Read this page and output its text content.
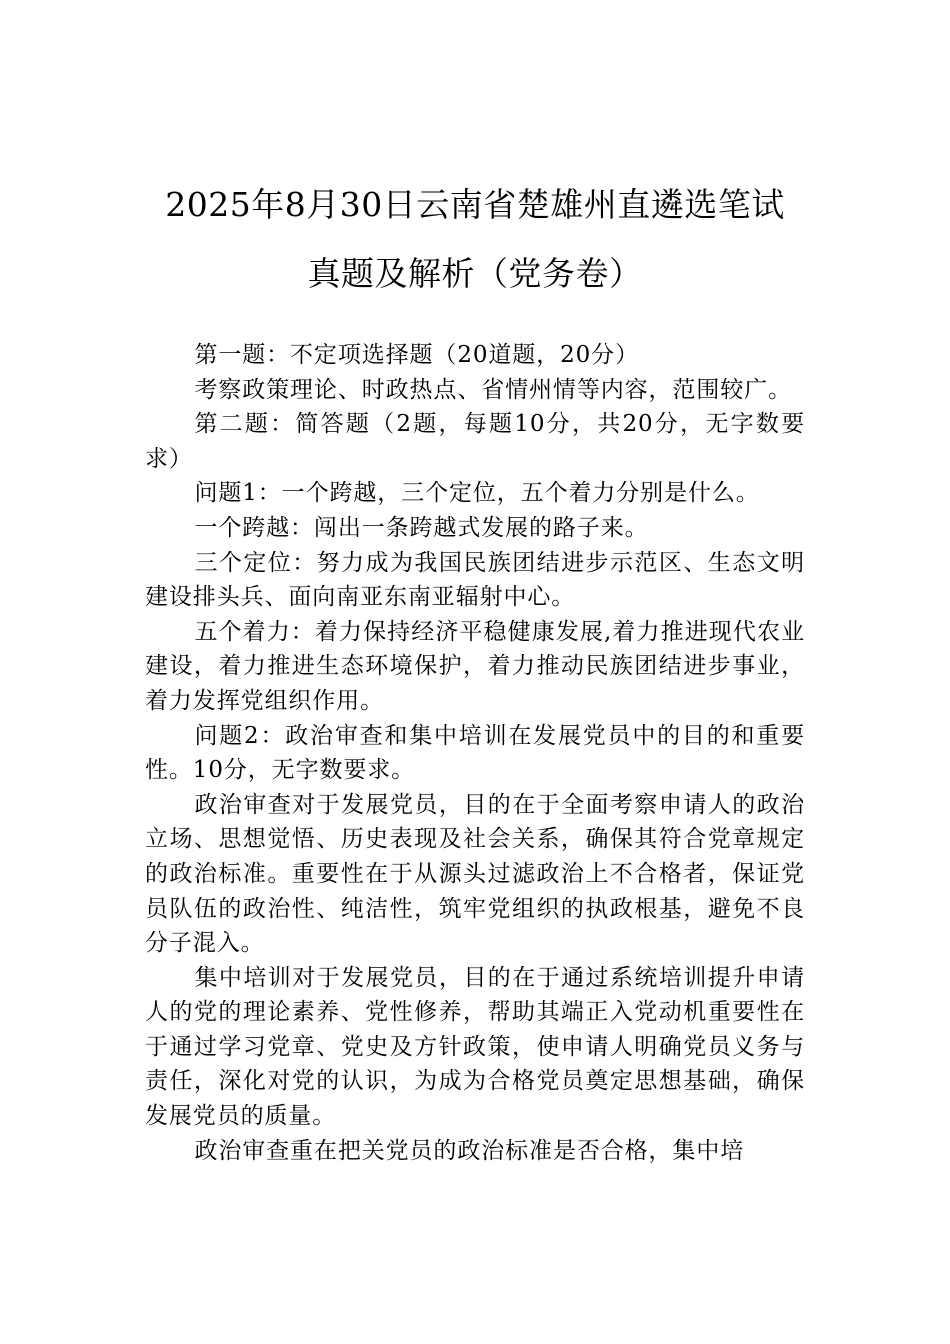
2025年8月30日云南省楚雄州直遴选笔试
真题及解析（党务卷）

第一题：不定项选择题（20道题，20分）

考察政策理论、时政热点、省情州情等内容，范围较广。

第二题：简答题（2题，每题10分，共20分，无字数要求）

问题1：一个跨越，三个定位，五个着力分别是什么。

一个跨越：闯出一条跨越式发展的路子来。

三个定位：努力成为我国民族团结进步示范区、生态文明建设排头兵、面向南亚东南亚辐射中心。

五个着力：着力保持经济平稳健康发展,着力推进现代农业建设，着力推进生态环境保护，着力推动民族团结进步事业，着力发挥党组织作用。

问题2：政治审查和集中培训在发展党员中的目的和重要性。10分，无字数要求。

政治审查对于发展党员，目的在于全面考察申请人的政治立场、思想觉悟、历史表现及社会关系，确保其符合党章规定的政治标准。重要性在于从源头过滤政治上不合格者，保证党员队伍的政治性、纯洁性，筑牢党组织的执政根基，避免不良分子混入。

集中培训对于发展党员，目的在于通过系统培训提升申请人的党的理论素养、党性修养，帮助其端正入党动机重要性在于通过学习党章、党史及方针政策，使申请人明确党员义务与责任，深化对党的认识，为成为合格党员奠定思想基础，确保发展党员的质量。

政治审查重在把关党员的政治标准是否合格，集中培
